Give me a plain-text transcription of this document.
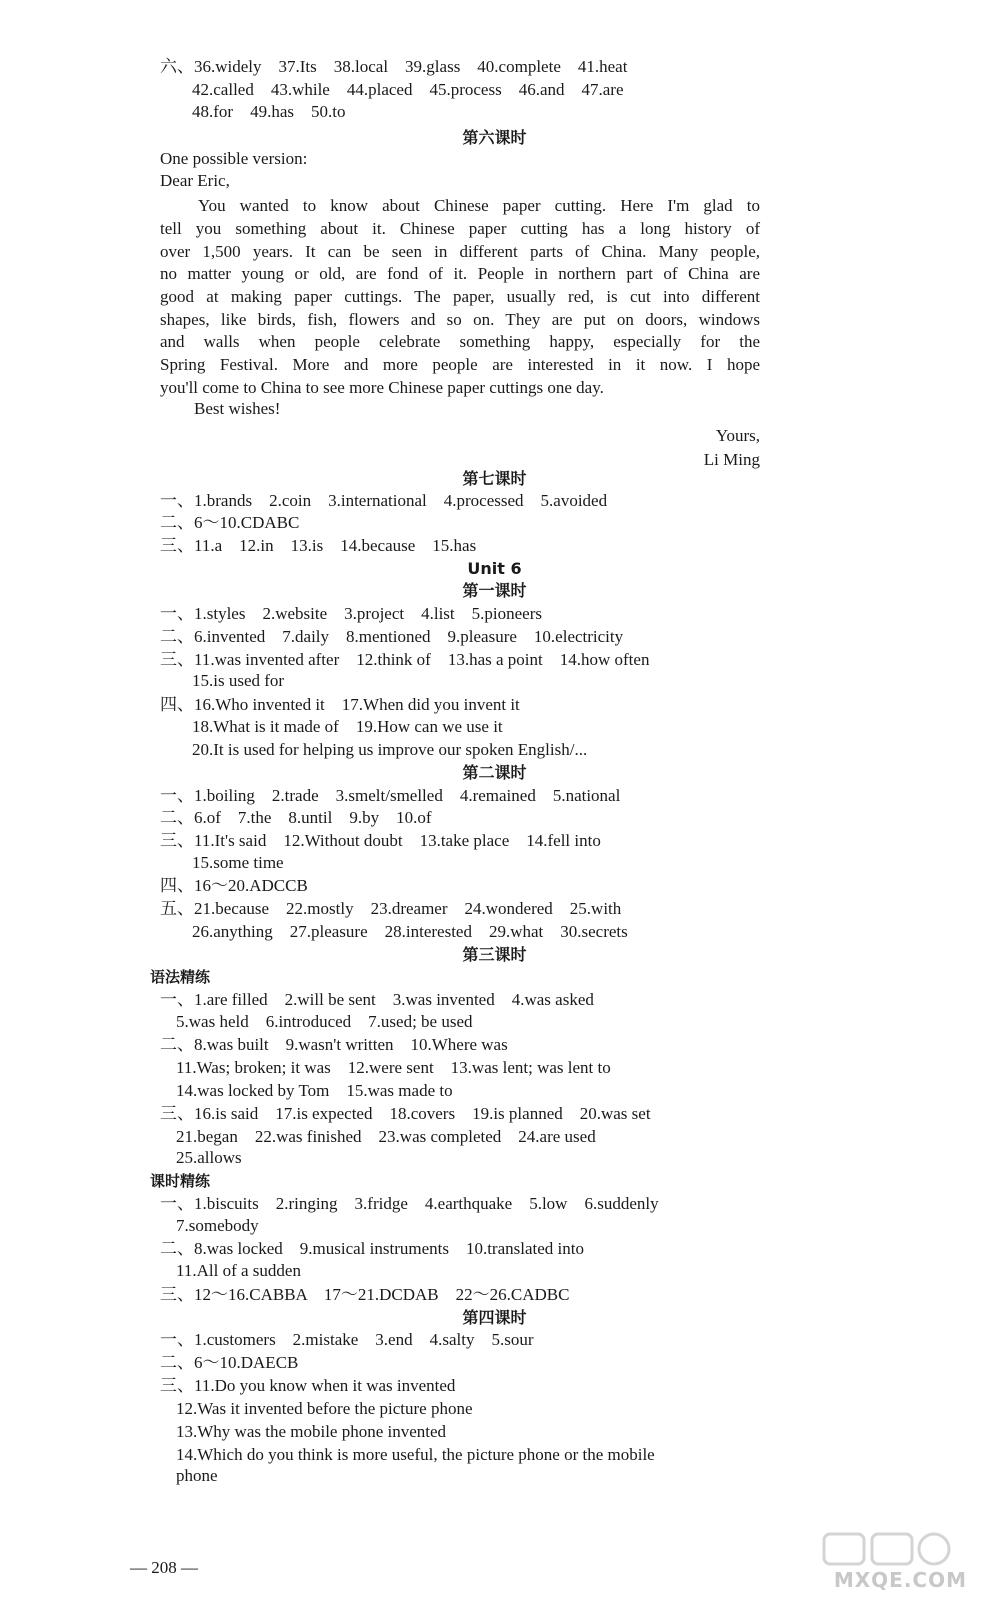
六、36.widely　37.Its　38.local　39.glass　40.complete　41.heat
42.called　43.while　44.placed　45.process　46.and　47.are
48.for　49.has　50.to
第六课时
One possible version:
Dear Eric,
You wanted to know about Chinese paper cutting. Here I'm glad to
tell you something about it. Chinese paper cutting has a long history of
over 1,500 years. It can be seen in different parts of China. Many people,
no matter young or old, are fond of it. People in northern part of China are
good at making paper cuttings. The paper, usually red, is cut into different
shapes, like birds, fish, flowers and so on. They are put on doors, windows
and walls when people celebrate something happy, especially for the
Spring Festival. More and more people are interested in it now. I hope
you'll come to China to see more Chinese paper cuttings one day.
Best wishes!
Yours,
Li Ming
第七课时
一、1.brands　2.coin　3.international　4.processed　5.avoided
二、6～10.CDABC
三、11.a　12.in　13.is　14.because　15.has
Unit 6
第一课时
一、1.styles　2.website　3.project　4.list　5.pioneers
二、6.invented　7.daily　8.mentioned　9.pleasure　10.electricity
三、11.was invented after　12.think of　13.has a point　14.how often
15.is used for
四、16.Who invented it　17.When did you invent it
18.What is it made of　19.How can we use it
20.It is used for helping us improve our spoken English/...
第二课时
一、1.boiling　2.trade　3.smelt/smelled　4.remained　5.national
二、6.of　7.the　8.until　9.by　10.of
三、11.It's said　12.Without doubt　13.take place　14.fell into
15.some time
四、16～20.ADCCB
五、21.because　22.mostly　23.dreamer　24.wondered　25.with
26.anything　27.pleasure　28.interested　29.what　30.secrets
第三课时
语法精练
一、1.are filled　2.will be sent　3.was invented　4.was asked
5.was held　6.introduced　7.used; be used
二、8.was built　9.wasn't written　10.Where was
11.Was; broken; it was　12.were sent　13.was lent; was lent to
14.was locked by Tom　15.was made to
三、16.is said　17.is expected　18.covers　19.is planned　20.was set
21.began　22.was finished　23.was completed　24.are used
25.allows
课时精练
一、1.biscuits　2.ringing　3.fridge　4.earthquake　5.low　6.suddenly
7.somebody
二、8.was locked　9.musical instruments　10.translated into
11.All of a sudden
三、12～16.CABBA　17～21.DCDAB　22～26.CADBC
第四课时
一、1.customers　2.mistake　3.end　4.salty　5.sour
二、6～10.DAECB
三、11.Do you know when it was invented
12.Was it invented before the picture phone
13.Why was the mobile phone invented
14.Which do you think is more useful, the picture phone or the mobile
phone
— 208 —
MXQE.COM
